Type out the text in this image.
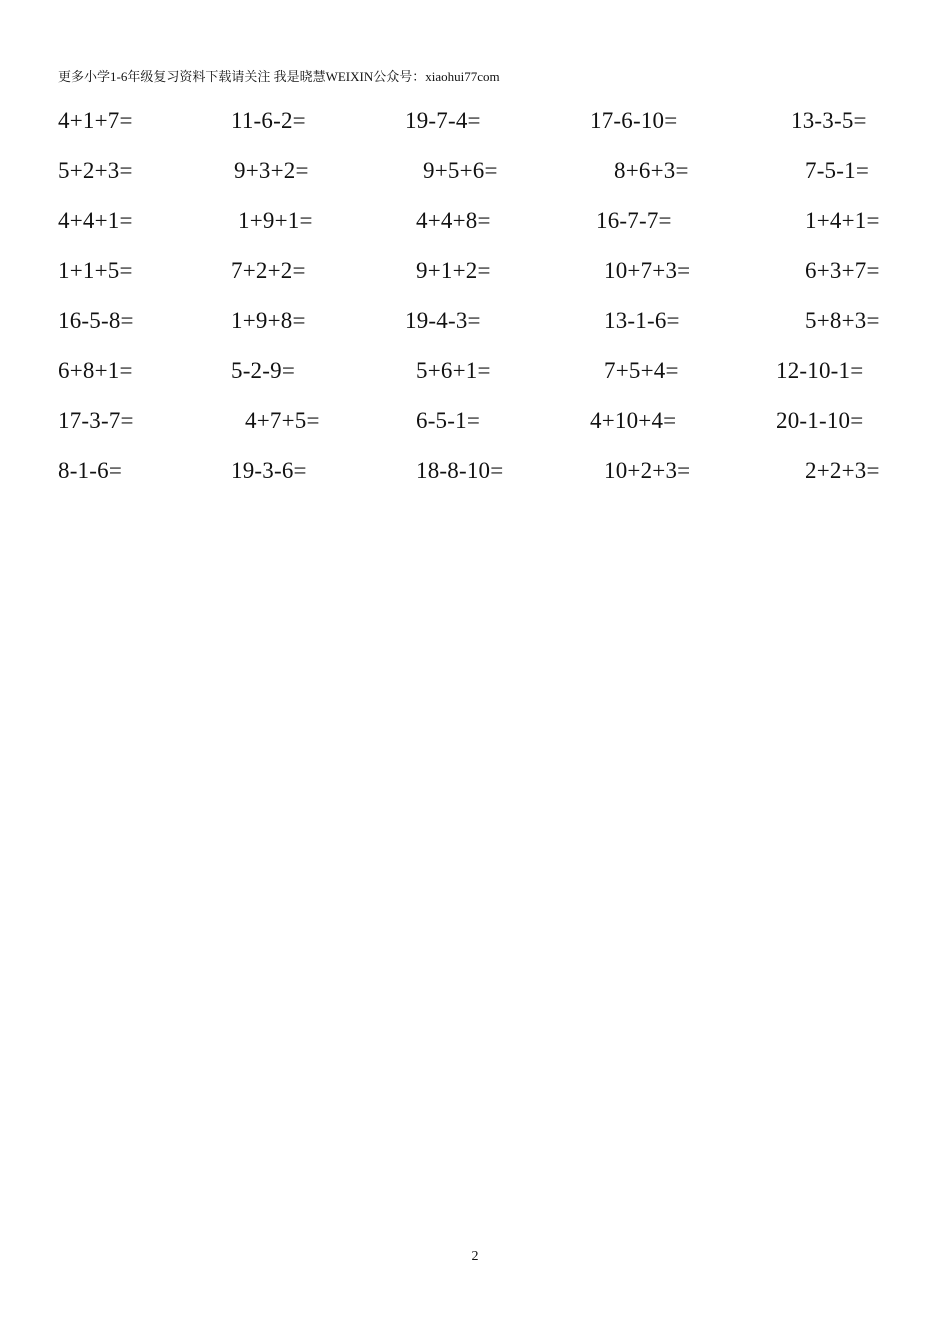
更多小学1-6年级复习资料下载请关注 我是晓慧WEIXIN公众号：xiaohui77com
4+1+7=	11-6-2=	19-7-4=	17-6-10=	13-3-5=
5+2+3=	9+3+2=	9+5+6=	8+6+3=	7-5-1=
4+4+1=	1+9+1=	4+4+8=	16-7-7=	1+4+1=
1+1+5=	7+2+2=	9+1+2=	10+7+3=	6+3+7=
16-5-8=	1+9+8=	19-4-3=	13-1-6=	5+8+3=
6+8+1=	5-2-9=	5+6+1=	7+5+4=	12-10-1=
17-3-7=	4+7+5=	6-5-1=	4+10+4=	20-1-10=
8-1-6=	19-3-6=	18-8-10=	10+2+3=	2+2+3=
2
